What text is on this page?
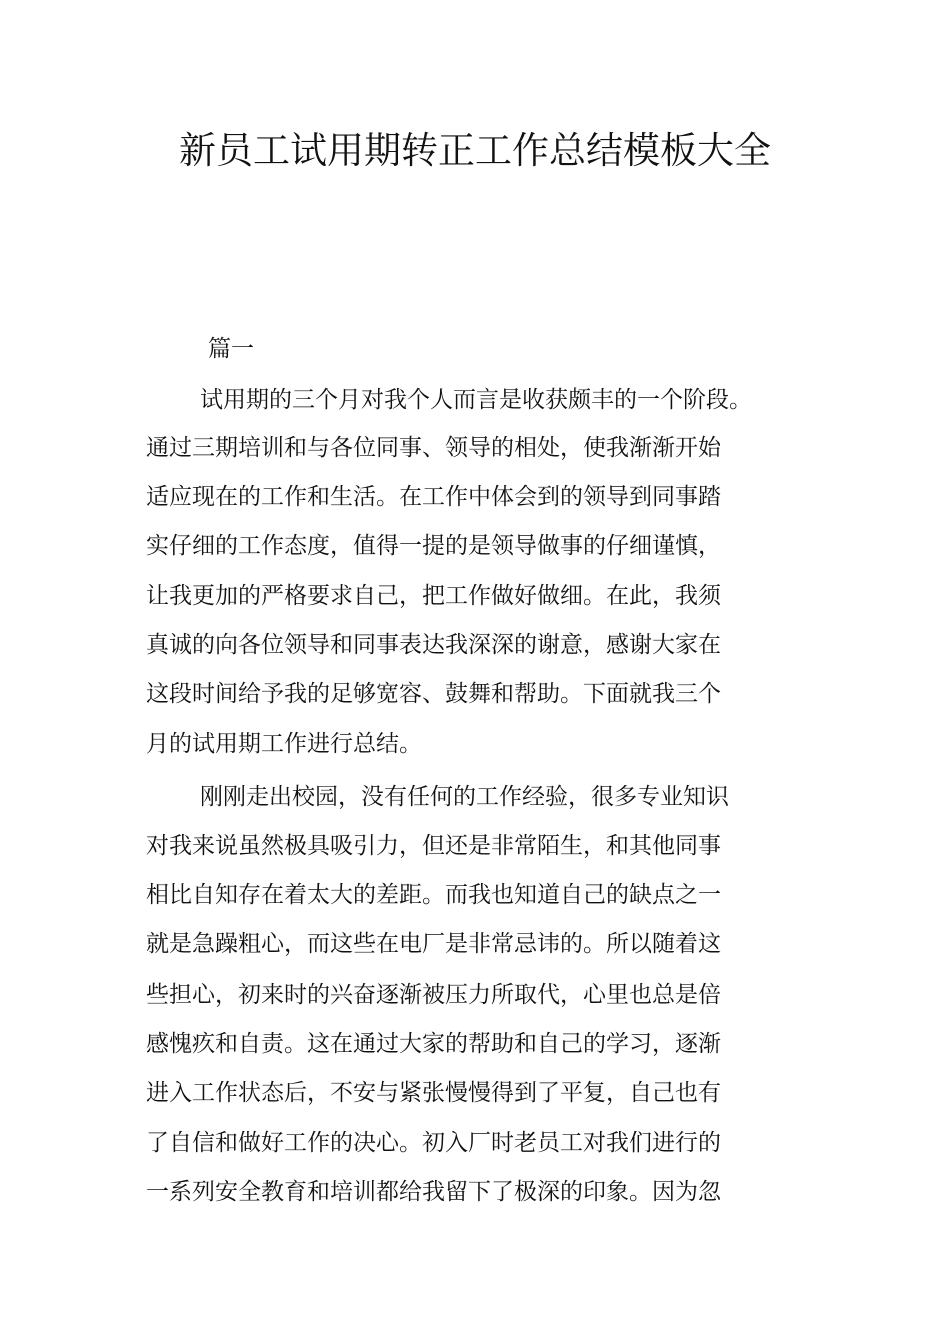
新员工试用期转正工作总结模板大全
篇一
试用期的三个月对我个人而言是收获颇丰的一个阶段。
通过三期培训和与各位同事、领导的相处，使我渐渐开始
适应现在的工作和生活。在工作中体会到的领导到同事踏
实仔细的工作态度，值得一提的是领导做事的仔细谨慎，
让我更加的严格要求自己，把工作做好做细。在此，我须
真诚的向各位领导和同事表达我深深的谢意，感谢大家在
这段时间给予我的足够宽容、鼓舞和帮助。下面就我三个
月的试用期工作进行总结。
刚刚走出校园，没有任何的工作经验，很多专业知识
对我来说虽然极具吸引力，但还是非常陌生，和其他同事
相比自知存在着太大的差距。而我也知道自己的缺点之一
就是急躁粗心，而这些在电厂是非常忌讳的。所以随着这
些担心，初来时的兴奋逐渐被压力所取代，心里也总是倍
感愧疚和自责。这在通过大家的帮助和自己的学习，逐渐
进入工作状态后，不安与紧张慢慢得到了平复，自己也有
了自信和做好工作的决心。初入厂时老员工对我们进行的
一系列安全教育和培训都给我留下了极深的印象。因为忽
